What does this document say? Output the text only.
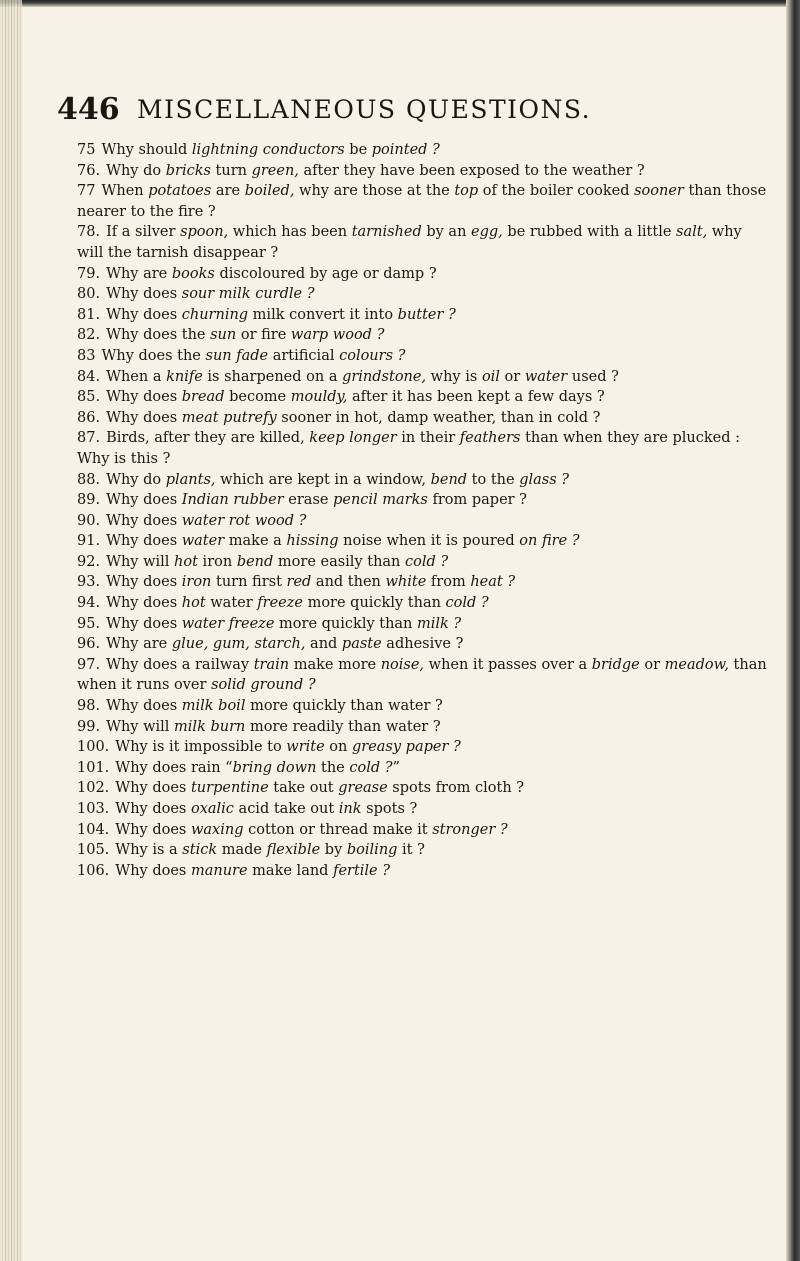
446 MISCELLANEOUS QUESTIONS.

75 Why should lightning conductors be pointed ?

76. Why do bricks turn green, after they have been exposed to the weather ?

77 When potatoes are boiled, why are those at the top of the boiler cooked sooner than those nearer to the fire ?

78. If a silver spoon, which has been tarnished by an egg, be rubbed with a little salt, why will the tarnish disappear ?

79. Why are books discoloured by age or damp ?

80. Why does sour milk curdle ?

81. Why does churning milk convert it into butter ?

82. Why does the sun or fire warp wood ?

83 Why does the sun fade artificial colours ?

84. When a knife is sharpened on a grindstone, why is oil or water used ?

85. Why does bread become mouldy, after it has been kept a few days ?

86. Why does meat putrefy sooner in hot, damp weather, than in cold ?

87. Birds, after they are killed, keep longer in their feathers than when they are plucked : Why is this ?

88. Why do plants, which are kept in a window, bend to the glass ?

89. Why does Indian rubber erase pencil marks from paper ?

90. Why does water rot wood ?

91. Why does water make a hissing noise when it is poured on fire ?

92. Why will hot iron bend more easily than cold ?

93. Why does iron turn first red and then white from heat ?

94. Why does hot water freeze more quickly than cold ?

95. Why does water freeze more quickly than milk ?

96. Why are glue, gum, starch, and paste adhesive ?

97. Why does a railway train make more noise, when it passes over a bridge or meadow, than when it runs over solid ground ?

98. Why does milk boil more quickly than water ?

99. Why will milk burn more readily than water ?

100. Why is it impossible to write on greasy paper ?

101. Why does rain “bring down the cold ?”

102. Why does turpentine take out grease spots from cloth ?

103. Why does oxalic acid take out ink spots ?

104. Why does waxing cotton or thread make it stronger ?

105. Why is a stick made flexible by boiling it ?

106. Why does manure make land fertile ?
